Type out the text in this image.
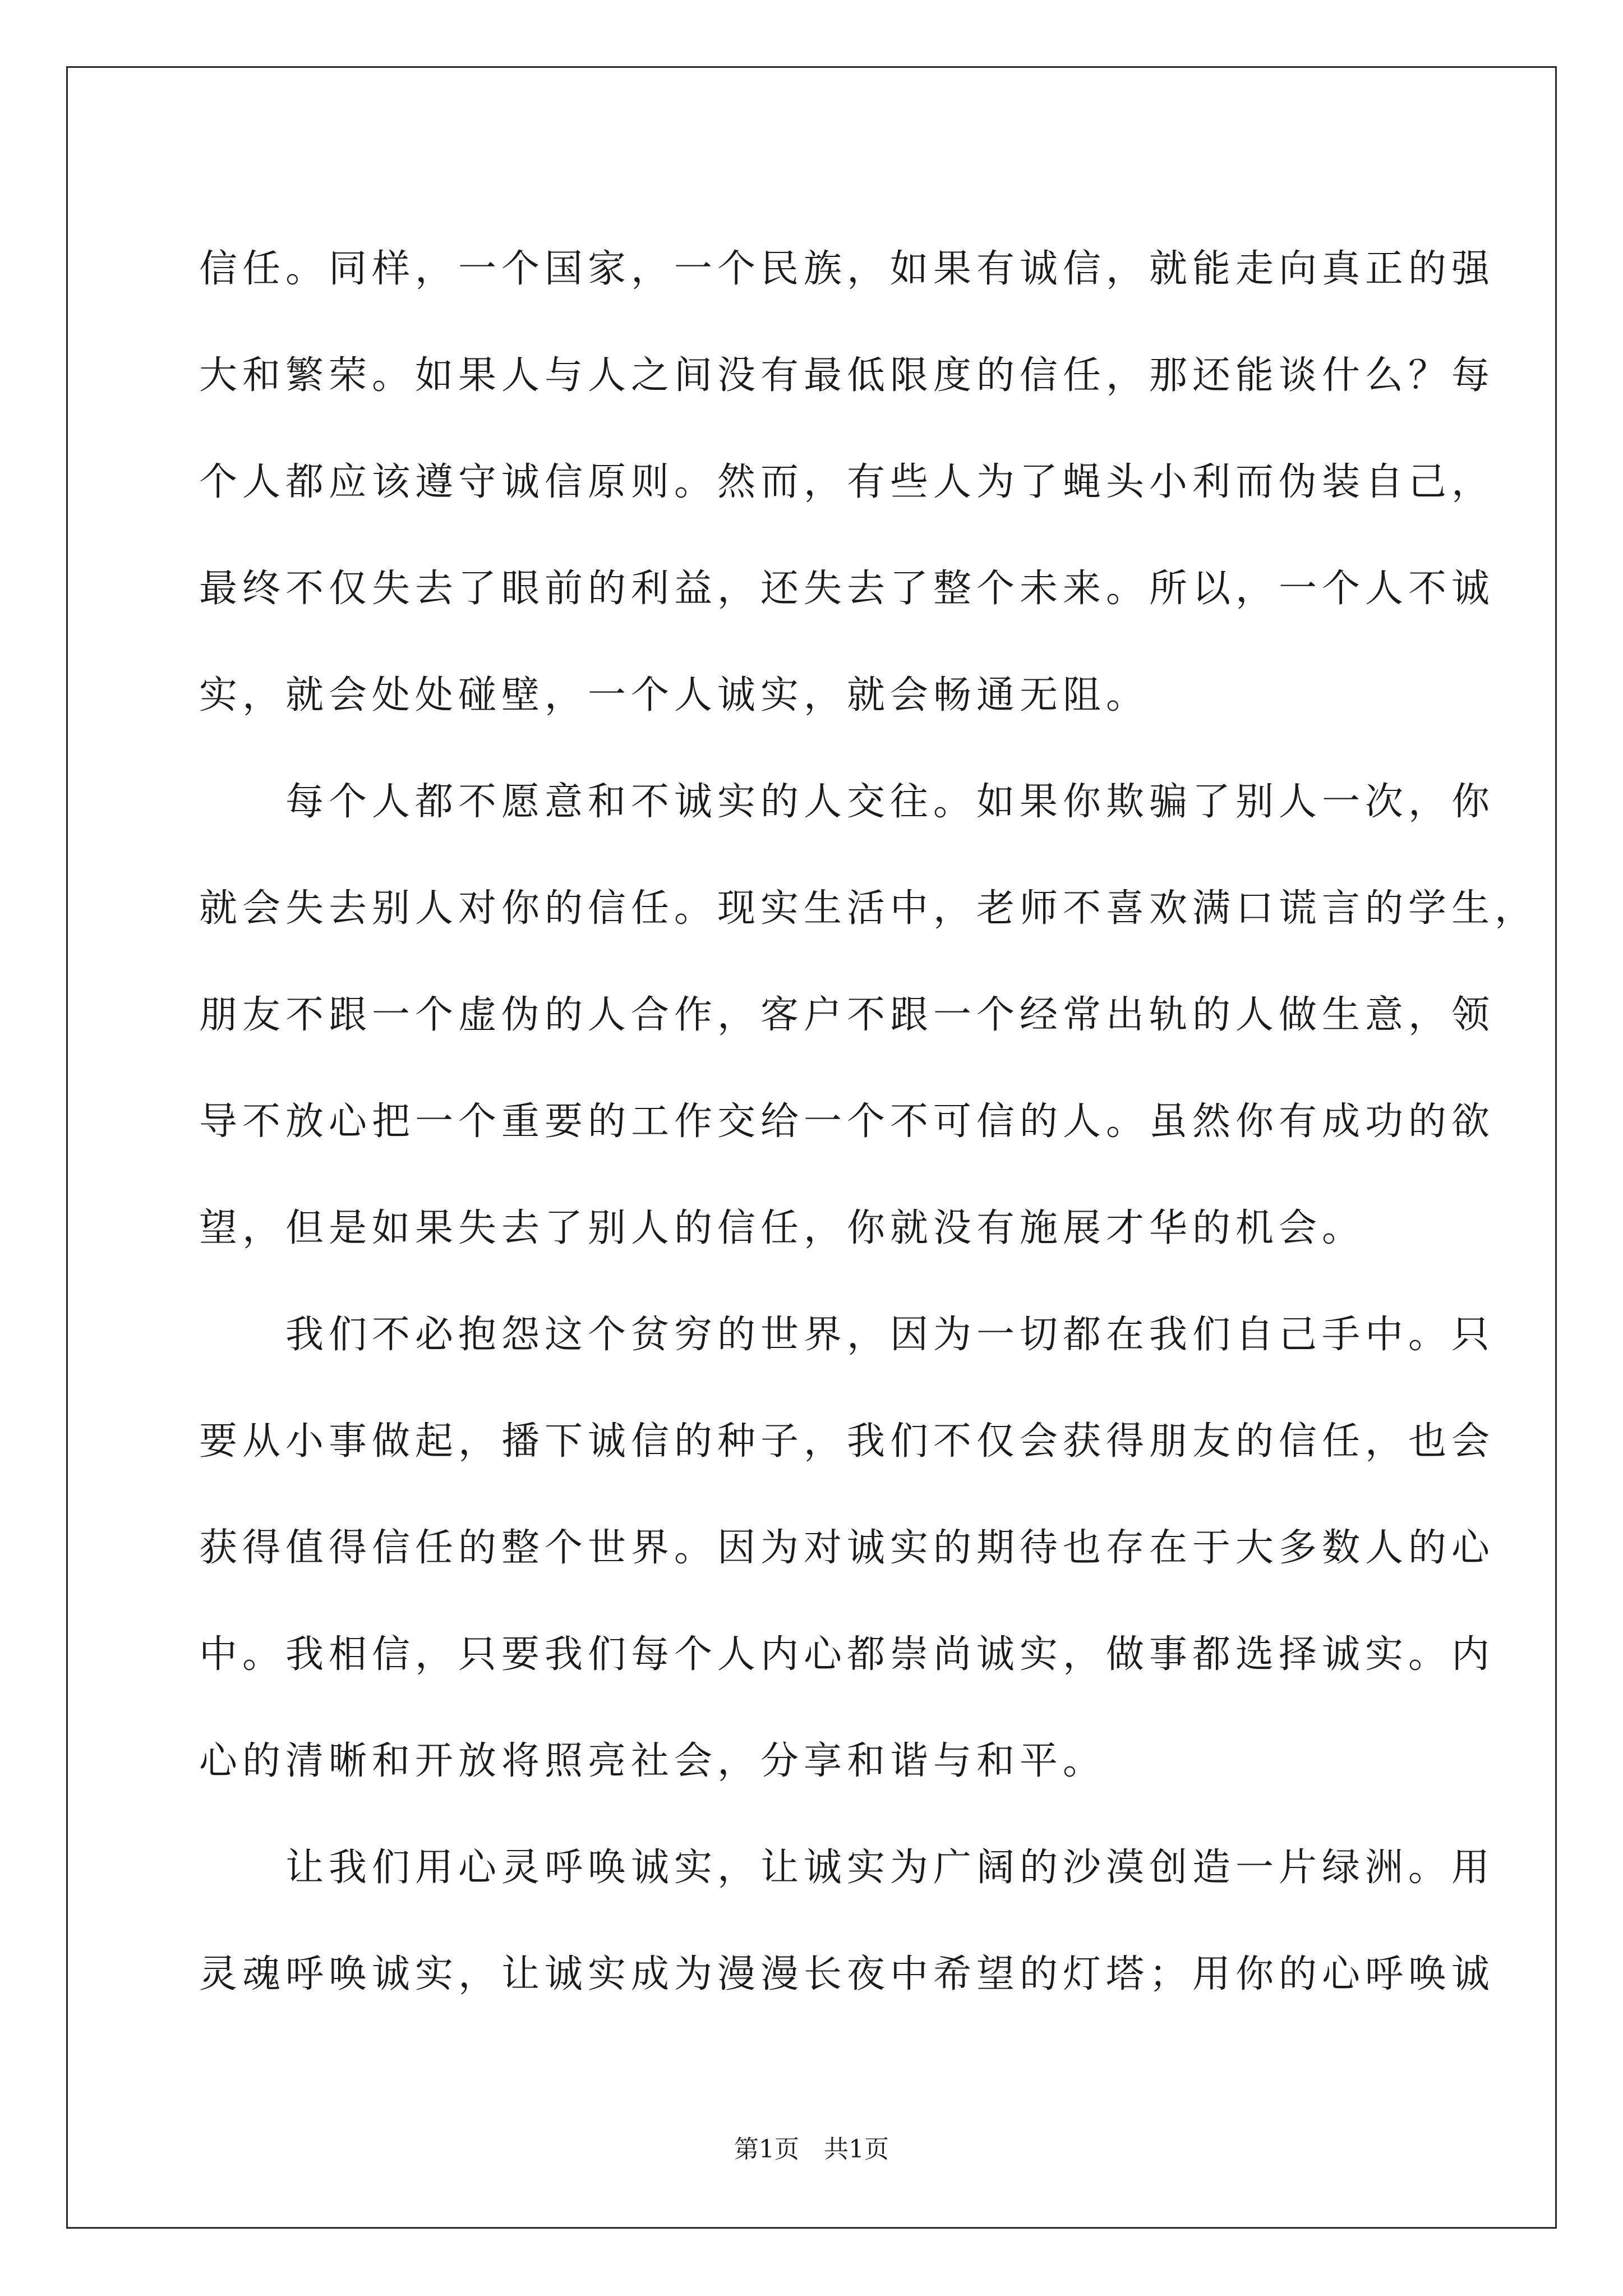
信任。同样，一个国家，一个民族，如果有诚信，就能走向真正的强
大和繁荣。如果人与人之间没有最低限度的信任，那还能谈什么？每
个人都应该遵守诚信原则。然而，有些人为了蝇头小利而伪装自己，
最终不仅失去了眼前的利益，还失去了整个未来。所以，一个人不诚
实，就会处处碰壁，一个人诚实，就会畅通无阻。
　　每个人都不愿意和不诚实的人交往。如果你欺骗了别人一次，你
就会失去别人对你的信任。现实生活中，老师不喜欢满口谎言的学生，
朋友不跟一个虚伪的人合作，客户不跟一个经常出轨的人做生意，领
导不放心把一个重要的工作交给一个不可信的人。虽然你有成功的欲
望，但是如果失去了别人的信任，你就没有施展才华的机会。
　　我们不必抱怨这个贫穷的世界，因为一切都在我们自己手中。只
要从小事做起，播下诚信的种子，我们不仅会获得朋友的信任，也会
获得值得信任的整个世界。因为对诚实的期待也存在于大多数人的心
中。我相信，只要我们每个人内心都崇尚诚实，做事都选择诚实。内
心的清晰和开放将照亮社会，分享和谐与和平。
　　让我们用心灵呼唤诚实，让诚实为广阔的沙漠创造一片绿洲。用
灵魂呼唤诚实，让诚实成为漫漫长夜中希望的灯塔；用你的心呼唤诚
第1页 共1页
